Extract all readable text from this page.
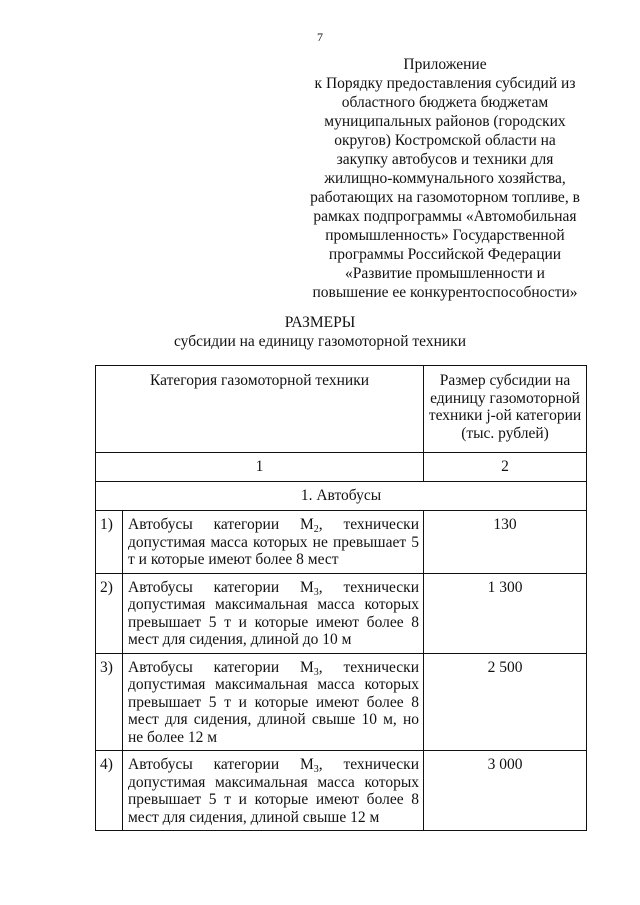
7
Приложение
к Порядку предоставления субсидий из
областного бюджета бюджетам
муниципальных районов (городских
округов) Костромской области на
закупку автобусов и техники для
жилищно-коммунального хозяйства,
работающих на газомоторном топливе, в
рамках подпрограммы «Автомобильная
промышленность» Государственной
программы Российской Федерации
«Развитие промышленности и
повышение ее конкурентоспособности»
РАЗМЕРЫ
субсидии на единицу газомоторной техники
Категория газомоторной техники		Размер субсидии на единицу газомоторной техники j-ой категории (тыс. рублей)
1		2
1. Автобусы		
1)	Автобусы категории $М_2$, технически допустимая масса которых не превышает 5 т и которые имеют более 8 мест	130
2)	Автобусы категории $М_3$, технически допустимая максимальная масса которых превышает 5 т и которые имеют более 8 мест для сидения, длиной до 10 м	1 300
3)	Автобусы категории $М_3$, технически допустимая максимальная масса которых превышает 5 т и которые имеют более 8 мест для сидения, длиной свыше 10 м, но не более 12 м	2 500
4)	Автобусы категории $М_3$, технически допустимая максимальная масса которых превышает 5 т и которые имеют более 8 мест для сидения, длиной свыше 12 м	3 000
